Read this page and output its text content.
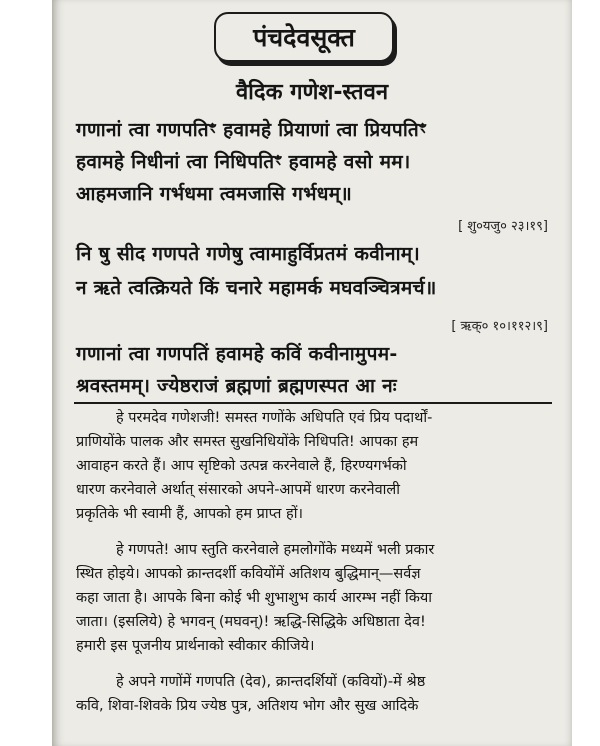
पंचदेवसूक्त
वैदिक गणेश-स्तवन
गणानां त्वा गणपतिꣳ हवामहे प्रियाणां त्वा प्रियपतिꣳ
हवामहे निधीनां त्वा निधिपतिꣳ हवामहे वसो मम।
आहमजानि गर्भधमा त्वमजासि गर्भधम्॥
[ शु०यजु० २३।१९]
नि षु सीद गणपते गणेषु त्वामाहुर्विप्रतमं कवीनाम्।
न ऋते त्वत्क्रियते किं चनारे महामर्क मघवञ्चित्रमर्च॥
[ ऋक्० १०।११२।९]
गणानां त्वा गणपतिं हवामहे कविं कवीनामुपम-
श्रवस्तमम्। ज्येष्ठराजं ब्रह्मणां ब्रह्मणस्पत आ नः
हे परमदेव गणेशजी! समस्त गणोंके अधिपति एवं प्रिय पदार्थों-
प्राणियोंके पालक और समस्त सुखनिधियोंके निधिपति! आपका हम
आवाहन करते हैं। आप सृष्टिको उत्पन्न करनेवाले हैं, हिरण्यगर्भको
धारण करनेवाले अर्थात् संसारको अपने-आपमें धारण करनेवाली
प्रकृतिके भी स्वामी हैं, आपको हम प्राप्त हों।
हे गणपते! आप स्तुति करनेवाले हमलोगोंके मध्यमें भली प्रकार
स्थित होइये। आपको क्रान्तदर्शी कवियोंमें अतिशय बुद्धिमान्—सर्वज्ञ
कहा जाता है। आपके बिना कोई भी शुभाशुभ कार्य आरम्भ नहीं किया
जाता। (इसलिये) हे भगवन् (मघवन्)! ऋद्धि-सिद्धिके अधिष्ठाता देव!
हमारी इस पूजनीय प्रार्थनाको स्वीकार कीजिये।
हे अपने गणोंमें गणपति (देव), क्रान्तदर्शियों (कवियों)-में श्रेष्ठ
कवि, शिवा-शिवके प्रिय ज्येष्ठ पुत्र, अतिशय भोग और सुख आदिके
